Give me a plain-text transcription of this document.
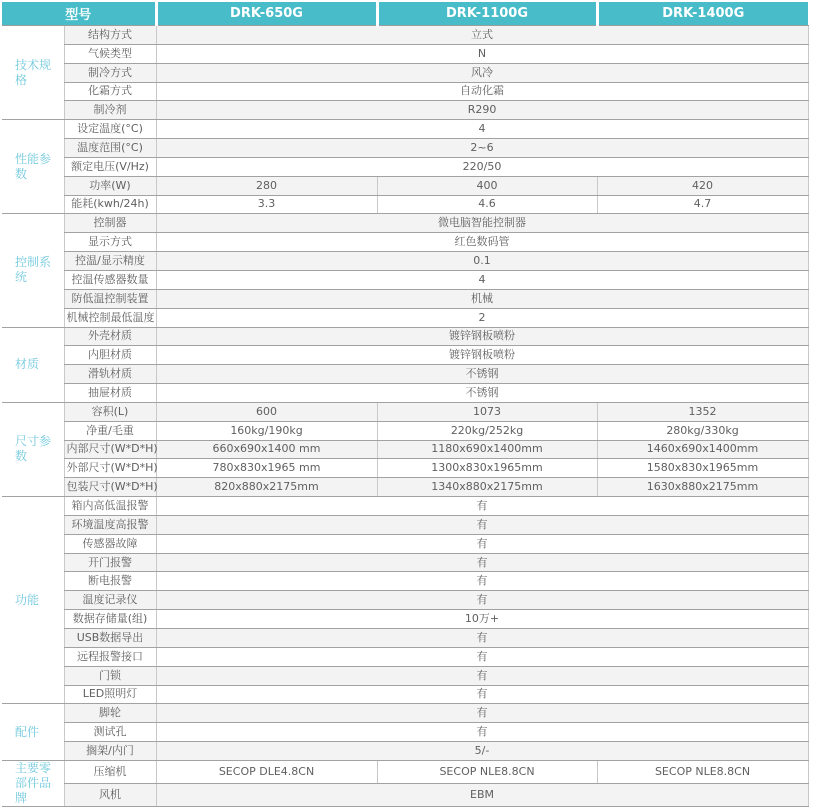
型号		DRK-650G	DRK-1100G	DRK-1400G
技术规格	结构方式	立式		
	气候类型	N		
	制冷方式	风冷		
	化霜方式	自动化霜		
	制冷剂	R290		
性能参数	设定温度(°C)	4		
	温度范围(°C)	2~6		
	额定电压(V/Hz)	220/50		
	功率(W)	280	400	420
	能耗(kwh/24h)	3.3	4.6	4.7
控制系统	控制器	微电脑智能控制器		
	显示方式	红色数码管		
	控温/显示精度	0.1		
	控温传感器数量	4		
	防低温控制装置	机械		
	机械控制最低温度	2		
材质	外壳材质	镀锌钢板喷粉		
	内胆材质	镀锌钢板喷粉		
	滑轨材质	不锈钢		
	抽屉材质	不锈钢		
尺寸参数	容积(L)	600	1073	1352
	净重/毛重	160kg/190kg	220kg/252kg	280kg/330kg
	内部尺寸(W*D*H)	660x690x1400 mm	1180x690x1400mm	1460x690x1400mm
	外部尺寸(W*D*H)	780x830x1965 mm	1300x830x1965mm	1580x830x1965mm
	包装尺寸(W*D*H)	820x880x2175mm	1340x880x2175mm	1630x880x2175mm
功能	箱内高低温报警	有		
	环境温度高报警	有		
	传感器故障	有		
	开门报警	有		
	断电报警	有		
	温度记录仪	有		
	数据存储量(组)	10万+		
	USB数据导出	有		
	远程报警接口	有		
	门锁	有		
	LED照明灯	有		
配件	脚轮	有		
	测试孔	有		
	搁架/内门	5/-		
主要零部件品牌	压缩机	SECOP DLE4.8CN	SECOP NLE8.8CN	SECOP NLE8.8CN
	风机	EBM		
